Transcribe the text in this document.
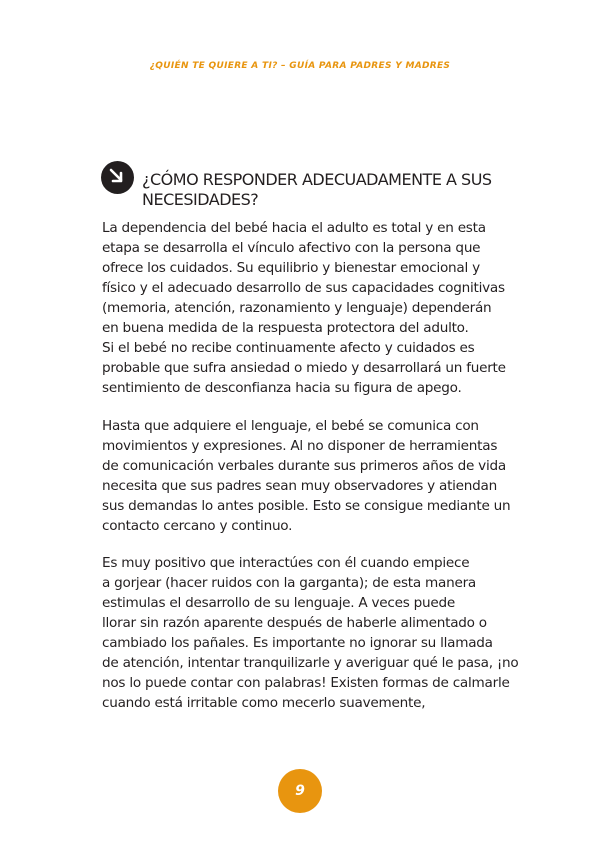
¿QUIÉN TE QUIERE A TI? – GUÍA PARA PADRES Y MADRES
¿CÓMO RESPONDER ADECUADAMENTE A SUS NECESIDADES?

La dependencia del bebé hacia el adulto es total y en esta
etapa se desarrolla el vínculo afectivo con la persona que
ofrece los cuidados. Su equilibrio y bienestar emocional y
físico y el adecuado desarrollo de sus capacidades cognitivas
(memoria, atención, razonamiento y lenguaje) dependerán
en buena medida de la respuesta protectora del adulto.
Si el bebé no recibe continuamente afecto y cuidados es
probable que sufra ansiedad o miedo y desarrollará un fuerte
sentimiento de desconfianza hacia su figura de apego.

Hasta que adquiere el lenguaje, el bebé se comunica con
movimientos y expresiones. Al no disponer de herramientas
de comunicación verbales durante sus primeros años de vida
necesita que sus padres sean muy observadores y atiendan
sus demandas lo antes posible. Esto se consigue mediante un
contacto cercano y continuo.

Es muy positivo que interactúes con él cuando empiece
a gorjear (hacer ruidos con la garganta); de esta manera
estimulas el desarrollo de su lenguaje. A veces puede
llorar sin razón aparente después de haberle alimentado o
cambiado los pañales. Es importante no ignorar su llamada
de atención, intentar tranquilizarle y averiguar qué le pasa, ¡no
nos lo puede contar con palabras! Existen formas de calmarle
cuando está irritable como mecerlo suavemente,

9
